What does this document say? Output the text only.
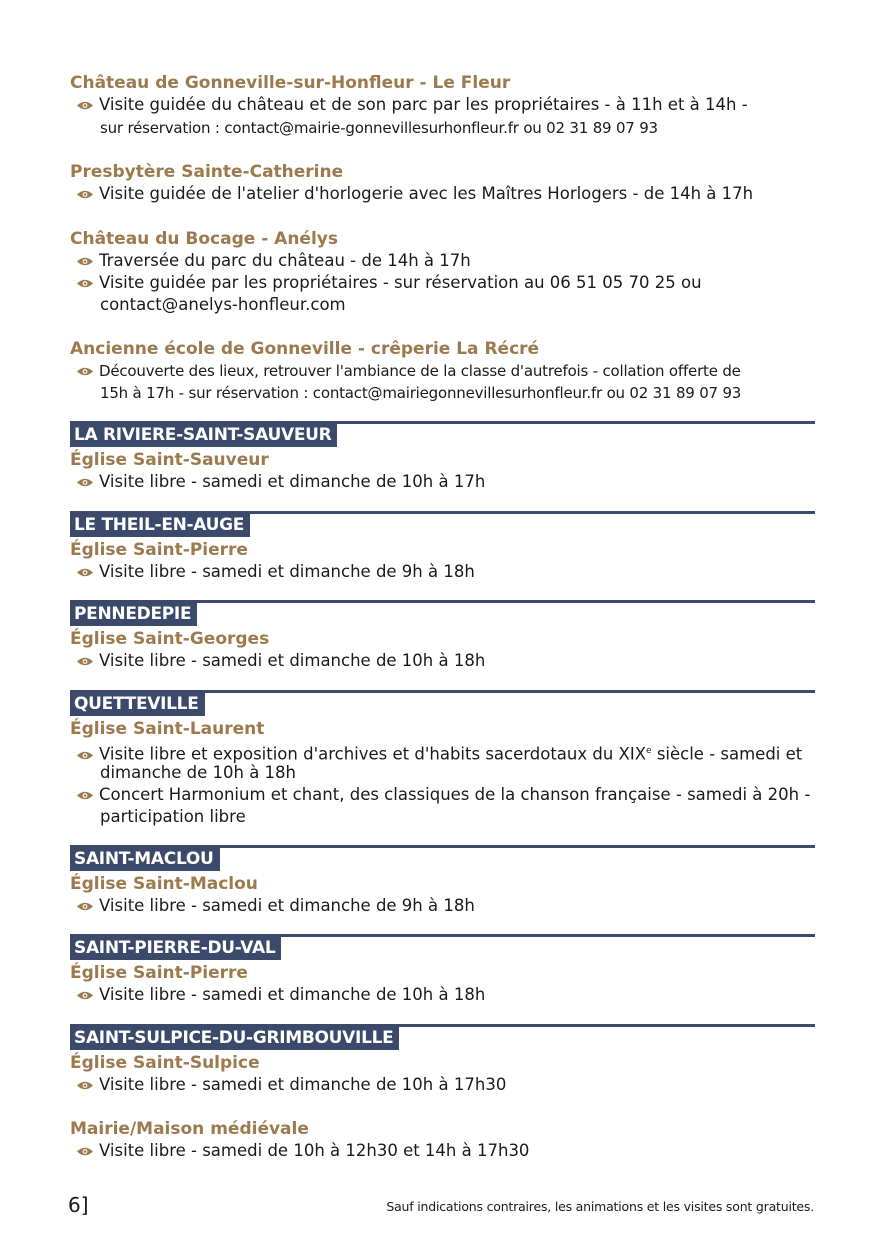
Château de Gonneville-sur-Honfleur - Le Fleur
Visite guidée du château et de son parc par les propriétaires - à 11h et à 14h -
sur réservation : contact@mairie-gonnevillesurhonfleur.fr ou 02 31 89 07 93
Presbytère Sainte-Catherine
Visite guidée de l'atelier d'horlogerie avec les Maîtres Horlogers - de 14h à 17h
Château du Bocage - Anélys
Traversée du parc du château - de 14h à 17h
Visite guidée par les propriétaires - sur réservation au 06 51 05 70 25 ou
contact@anelys-honfleur.com
Ancienne école de Gonneville - crêperie La Récré
Découverte des lieux, retrouver l'ambiance de la classe d'autrefois - collation offerte de
15h à 17h - sur réservation : contact@mairiegonnevillesurhonfleur.fr ou 02 31 89 07 93
LA RIVIERE-SAINT-SAUVEUR
Église Saint-Sauveur
Visite libre - samedi et dimanche de 10h à 17h
LE THEIL-EN-AUGE
Église Saint-Pierre
Visite libre - samedi et dimanche de 9h à 18h
PENNEDEPIE
Église Saint-Georges
Visite libre - samedi et dimanche de 10h à 18h
QUETTEVILLE
Église Saint-Laurent
Visite libre et exposition d'archives et d'habits sacerdotaux du XIXe siècle - samedi et
dimanche de 10h à 18h
Concert Harmonium et chant, des classiques de la chanson française - samedi à 20h -
participation libre
SAINT-MACLOU
Église Saint-Maclou
Visite libre - samedi et dimanche de 9h à 18h
SAINT-PIERRE-DU-VAL
Église Saint-Pierre
Visite libre - samedi et dimanche de 10h à 18h
SAINT-SULPICE-DU-GRIMBOUVILLE
Église Saint-Sulpice
Visite libre - samedi et dimanche de 10h à 17h30
Mairie/Maison médiévale
Visite libre - samedi de 10h à 12h30 et 14h à 17h30
6]	Sauf indications contraires, les animations et les visites sont gratuites.
